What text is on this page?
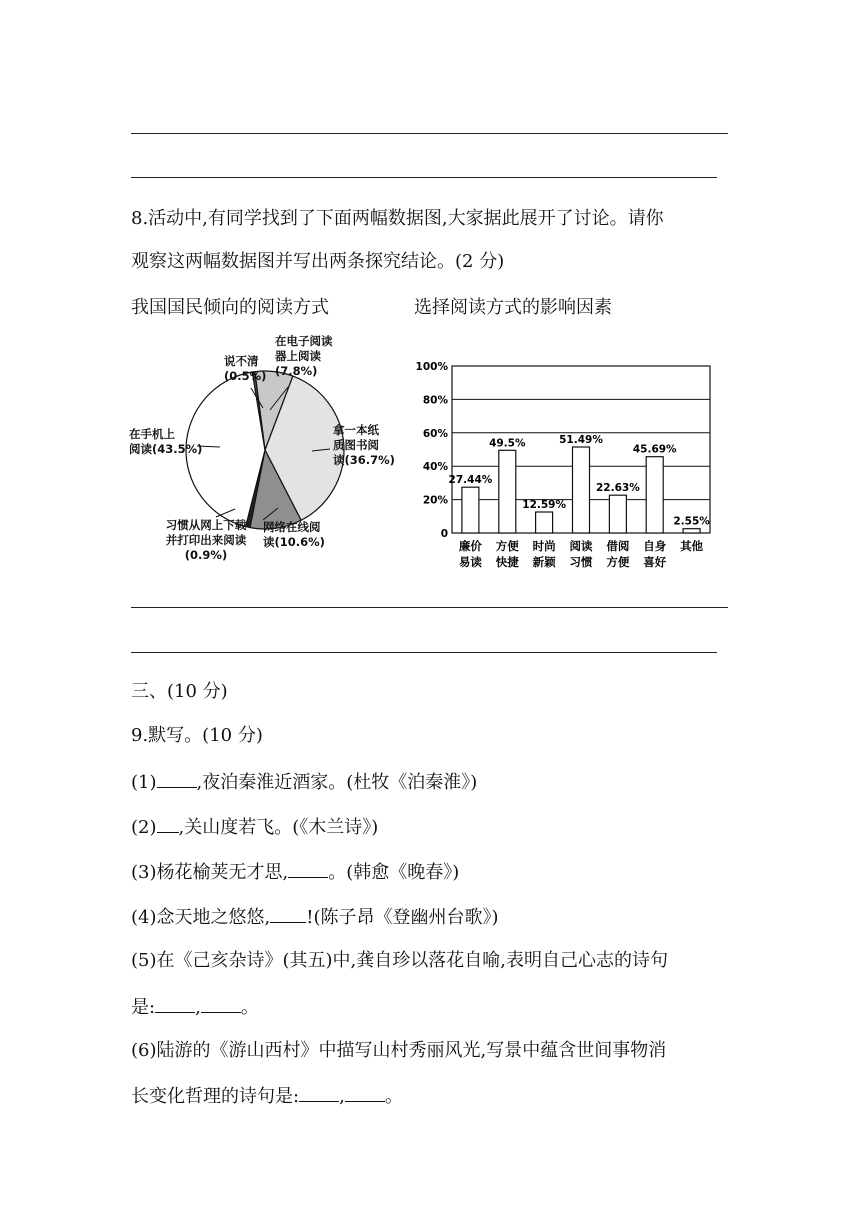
8.活动中,有同学找到了下面两幅数据图,大家据此展开了讨论。请你
观察这两幅数据图并写出两条探究结论。(2 分)
我国国民倾向的阅读方式	选择阅读方式的影响因素
在电子阅读器上阅读(7.8%)
拿一本纸质图书阅读(36.7%)
网络在线阅读(10.6%)
习惯从网上下载并打印出来阅读(0.9%)
在手机上阅读(43.5%)
说不清(0.5%)
0
20%
40%
60%
80%
100%
27.44%
廉价易读
49.5%
方便快捷
12.59%
时尚新颖
51.49%
阅读习惯
22.63%
借阅方便
45.69%
自身喜好
2.55%
其他
三、(10 分)
9.默写。(10 分)
(1) ,夜泊秦淮近酒家。(杜牧《泊秦淮》)
(2) ,关山度若飞。(《木兰诗》)
(3)杨花榆荚无才思, 。(韩愈《晚春》)
(4)念天地之悠悠, !(陈子昂《登幽州台歌》)
(5)在《己亥杂诗》(其五)中,龚自珍以落花自喻,表明自己心志的诗句
是: , 。
(6)陆游的《游山西村》中描写山村秀丽风光,写景中蕴含世间事物消
长变化哲理的诗句是: , 。
